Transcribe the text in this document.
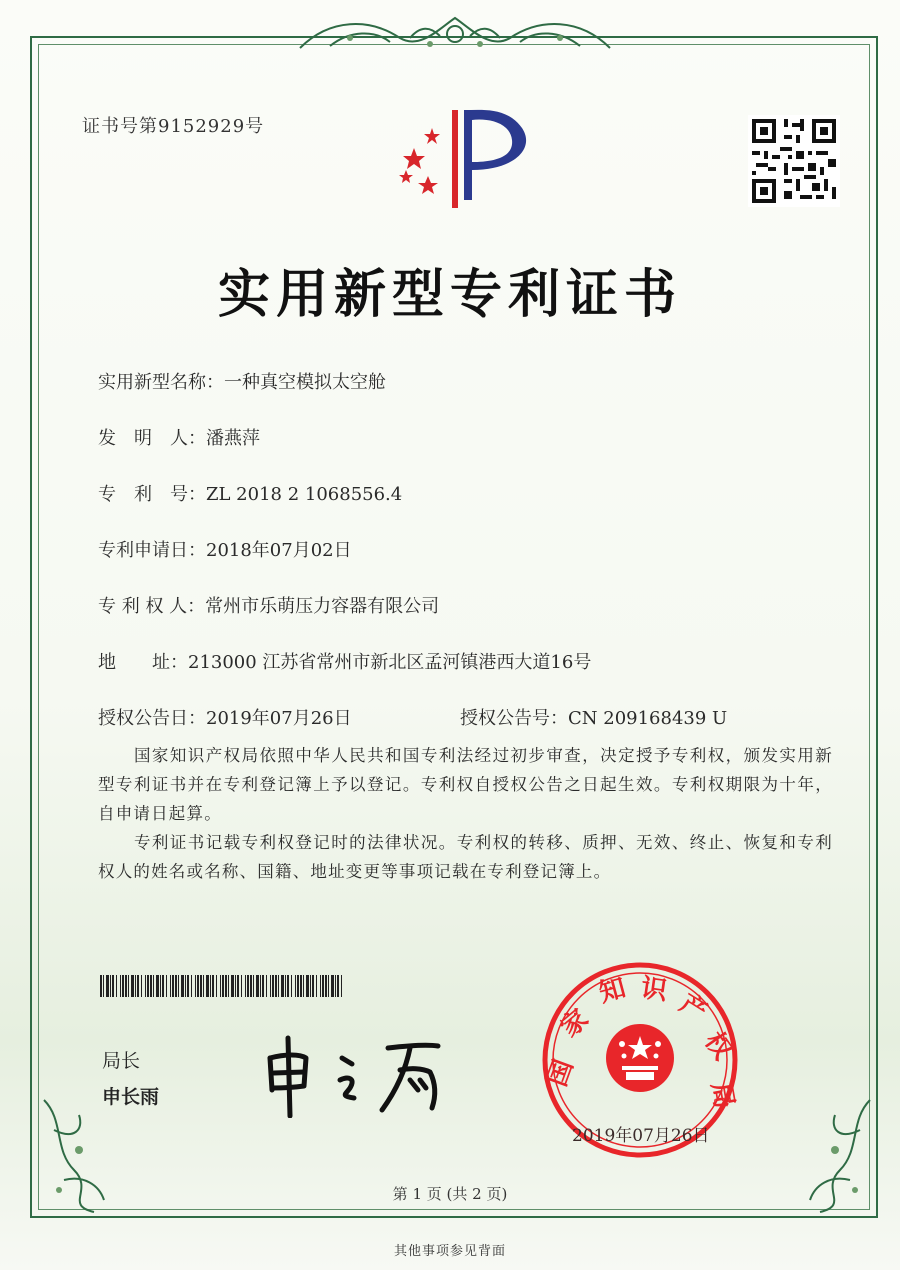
证书号第9152929号
实用新型专利证书
实用新型名称：一种真空模拟太空舱
发　明　人：潘燕萍
专　利　号：ZL 2018 2 1068556.4
专利申请日：2018年07月02日
专 利 权 人：常州市乐萌压力容器有限公司
地　　址：213000 江苏省常州市新北区孟河镇港西大道16号
授权公告日：2019年07月26日	授权公告号：CN 209168439 U
国家知识产权局依照中华人民共和国专利法经过初步审查，决定授予专利权，颁发实用新型专利证书并在专利登记簿上予以登记。专利权自授权公告之日起生效。专利权期限为十年，自申请日起算。
专利证书记载专利权登记时的法律状况。专利权的转移、质押、无效、终止、恢复和专利权人的姓名或名称、国籍、地址变更等事项记载在专利登记簿上。
局长
申长雨
国
家
知 识 产
权
局
2019年07月26日
第 1 页 (共 2 页)
其他事项参见背面
